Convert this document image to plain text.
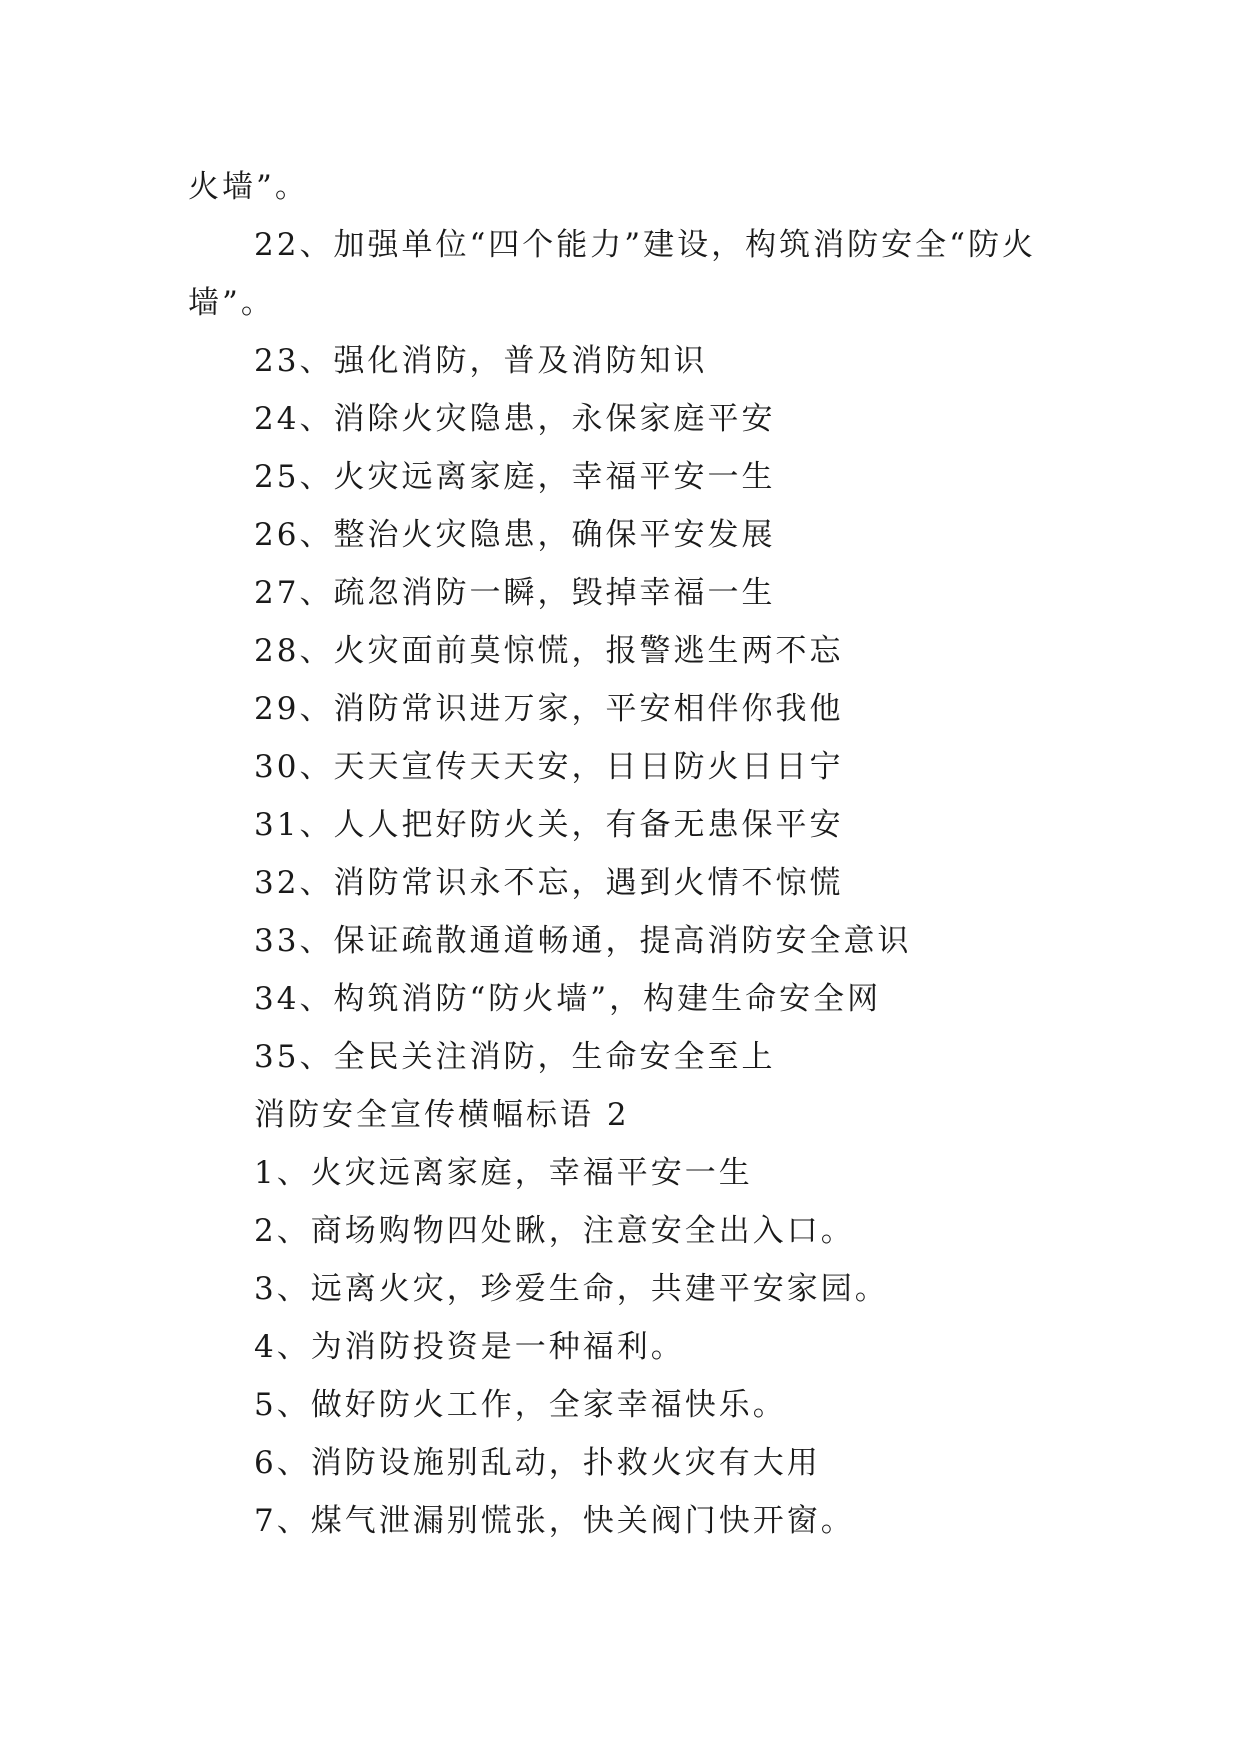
火墙”。
22、加强单位“四个能力”建设，构筑消防安全“防火
墙”。
23、强化消防，普及消防知识
24、消除火灾隐患，永保家庭平安
25、火灾远离家庭，幸福平安一生
26、整治火灾隐患，确保平安发展
27、疏忽消防一瞬，毁掉幸福一生
28、火灾面前莫惊慌，报警逃生两不忘
29、消防常识进万家，平安相伴你我他
30、天天宣传天天安，日日防火日日宁
31、人人把好防火关，有备无患保平安
32、消防常识永不忘，遇到火情不惊慌
33、保证疏散通道畅通，提高消防安全意识
34、构筑消防“防火墙”，构建生命安全网
35、全民关注消防，生命安全至上
消防安全宣传横幅标语 2
1、火灾远离家庭，幸福平安一生
2、商场购物四处瞅，注意安全出入口。
3、远离火灾，珍爱生命，共建平安家园。
4、为消防投资是一种福利。
5、做好防火工作，全家幸福快乐。
6、消防设施别乱动，扑救火灾有大用
7、煤气泄漏别慌张，快关阀门快开窗。
